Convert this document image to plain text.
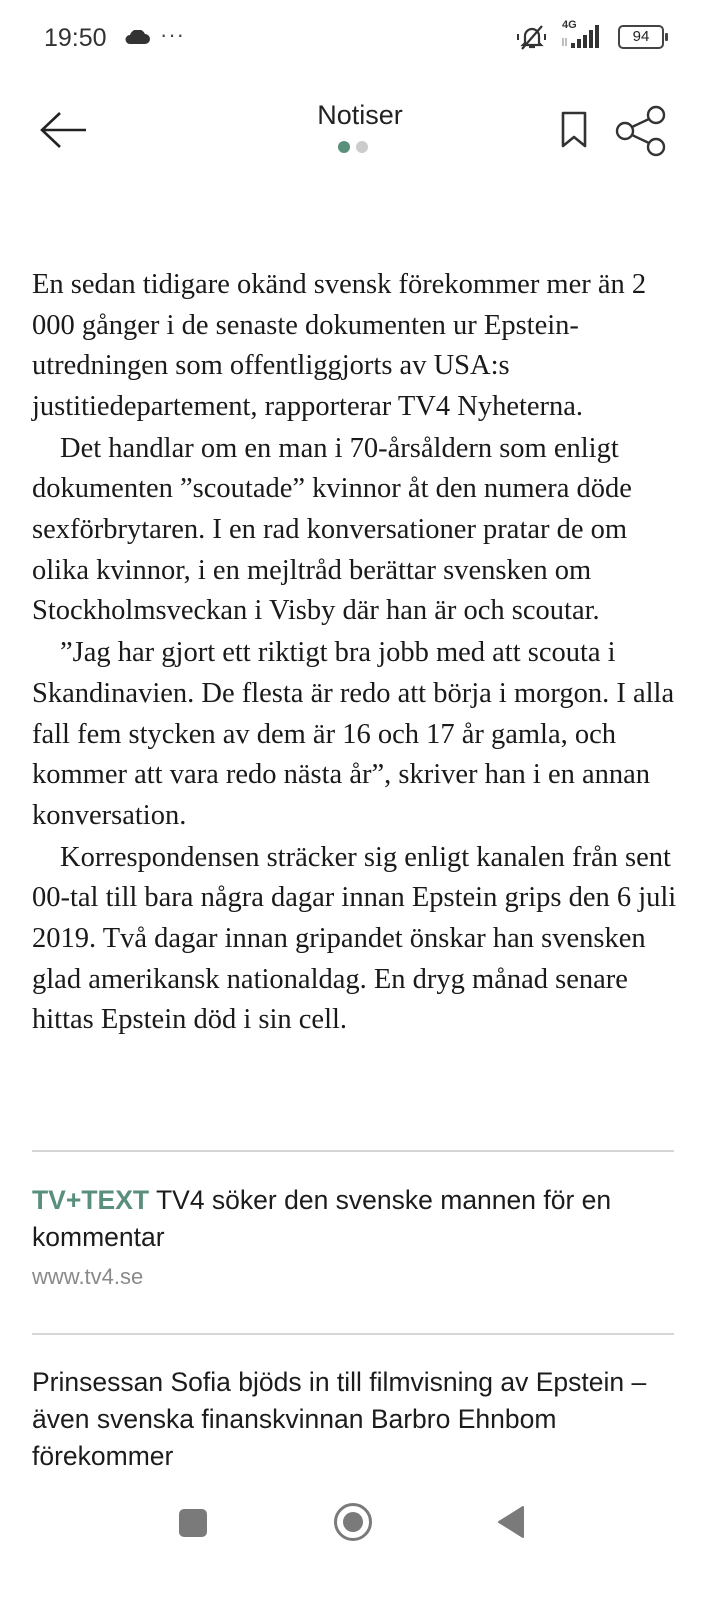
19:50 ···	4G
94
Notiser

En sedan tidigare okänd svensk förekommer mer än 2 000 gånger i de senaste dokumenten ur Epstein-utredningen som offentliggjorts av USA:s justitiedepartement, rapporterar TV4 Nyheterna.

Det handlar om en man i 70-årsåldern som enligt dokumenten ”scoutade” kvinnor åt den numera döde sexförbrytaren. I en rad konversationer pratar de om olika kvinnor, i en mejltråd berättar svensken om Stockholmsveckan i Visby där han är och scoutar.

”Jag har gjort ett riktigt bra jobb med att scouta i Skandinavien. De flesta är redo att börja i morgon. I alla fall fem stycken av dem är 16 och 17 år gamla, och kommer att vara redo nästa år”, skriver han i en annan konversation.

Korrespondensen sträcker sig enligt kanalen från sent 00-tal till bara några dagar innan Epstein grips den 6 juli 2019. Två dagar innan gripandet önskar han svensken glad amerikansk nationaldag. En dryg månad senare hittas Epstein död i sin cell.

TV+TEXT TV4 söker den svenske mannen för en kommentar
www.tv4.se
Prinsessan Sofia bjöds in till filmvisning av Epstein – även svenska finanskvinnan Barbro Ehnbom förekommer
